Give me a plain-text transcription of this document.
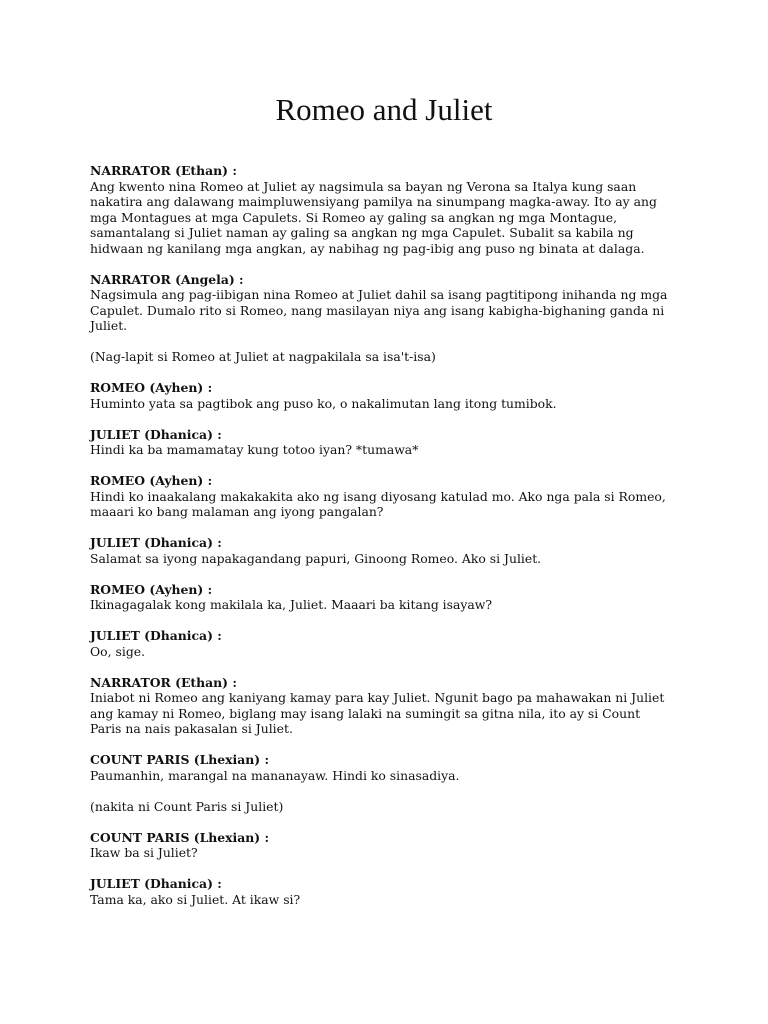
Romeo and Juliet
NARRATOR (Ethan) :
Ang kwento nina Romeo at Juliet ay nagsimula sa bayan ng Verona sa Italya kung saan
nakatira ang dalawang maimpluwensiyang pamilya na sinumpang magka-away. Ito ay ang
mga Montagues at mga Capulets. Si Romeo ay galing sa angkan ng mga Montague,
samantalang si Juliet naman ay galing sa angkan ng mga Capulet. Subalit sa kabila ng
hidwaan ng kanilang mga angkan, ay nabihag ng pag-ibig ang puso ng binata at dalaga.
NARRATOR (Angela) :
Nagsimula ang pag-iibigan nina Romeo at Juliet dahil sa isang pagtitipong inihanda ng mga
Capulet. Dumalo rito si Romeo, nang masilayan niya ang isang kabigha-bighaning ganda ni
Juliet.
(Nag-lapit si Romeo at Juliet at nagpakilala sa isa't-isa)
ROMEO (Ayhen) :
Huminto yata sa pagtibok ang puso ko, o nakalimutan lang itong tumibok.
JULIET (Dhanica) :
Hindi ka ba mamamatay kung totoo iyan? *tumawa*
ROMEO (Ayhen) :
Hindi ko inaakalang makakakita ako ng isang diyosang katulad mo. Ako nga pala si Romeo,
maaari ko bang malaman ang iyong pangalan?
JULIET (Dhanica) :
Salamat sa iyong napakagandang papuri, Ginoong Romeo. Ako si Juliet.
ROMEO (Ayhen) :
Ikinagagalak kong makilala ka, Juliet. Maaari ba kitang isayaw?
JULIET (Dhanica) :
Oo, sige.
NARRATOR (Ethan) :
Iniabot ni Romeo ang kaniyang kamay para kay Juliet. Ngunit bago pa mahawakan ni Juliet
ang kamay ni Romeo, biglang may isang lalaki na sumingit sa gitna nila, ito ay si Count
Paris na nais pakasalan si Juliet.
COUNT PARIS (Lhexian) :
Paumanhin, marangal na mananayaw. Hindi ko sinasadiya.
(nakita ni Count Paris si Juliet)
COUNT PARIS (Lhexian) :
Ikaw ba si Juliet?
JULIET (Dhanica) :
Tama ka, ako si Juliet. At ikaw si?
